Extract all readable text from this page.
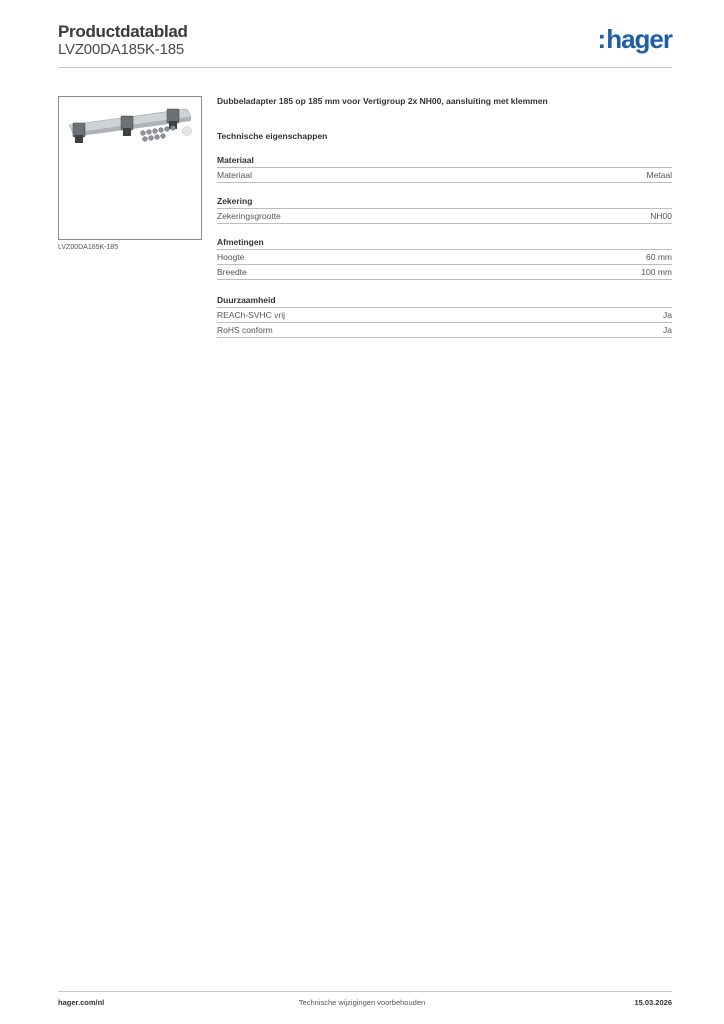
Productdatablad
LVZ00DA185K-185	:hager
LVZ00DA185K-185

Dubbeladapter 185 op 185 mm voor Vertigroup 2x NH00, aansluiting met klemmen

Technische eigenschappen
Materiaal
Materiaal	Metaal
Zekering
Zekeringsgrootte	NH00
Afmetingen
Hoogte	60 mm
Breedte	100 mm
Duurzaamheid
REACh-SVHC vrij	Ja
RoHS conform	Ja
hager.com/nl	Technische wijzigingen voorbehouden	15.03.2026
